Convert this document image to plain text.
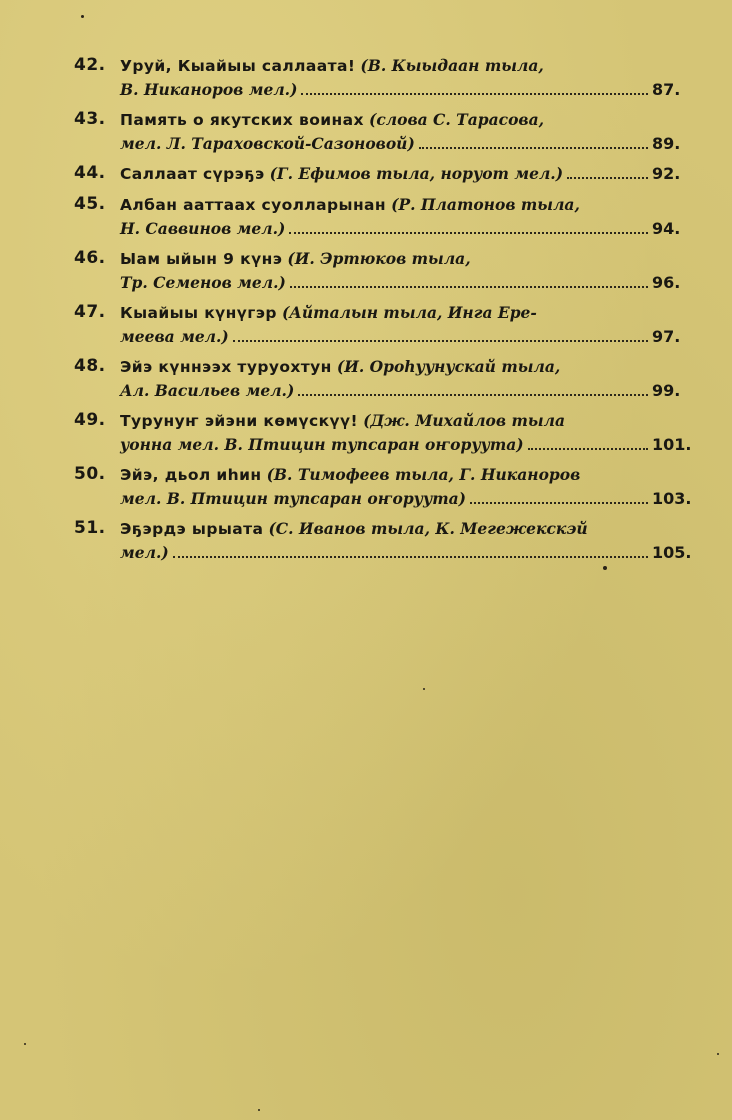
42. Уруй, Кыайыы саллаата! (В. Кыыдаан тыла,
В. Никаноров мел.)	87.
43. Память о якутских воинах (слова С. Тарасова,
мел. Л. Тараховской-Сазоновой)	89.
44. Саллаат сүрэҕэ (Г. Ефимов тыла, норуот мел.)	92.
45. Албан ааттаах суолларынан (Р. Платонов тыла,
Н. Саввинов мел.)	94.
46. Ыам ыйын 9 күнэ (И. Эртюков тыла,
Тр. Семенов мел.)	96.
47. Кыайыы күнүгэр (Айталын тыла, Инга Ере-
меева мел.)	97.
48. Эйэ күннээх туруохтун (И. Ороһуунускай тыла,
Ал. Васильев мел.)	99.
49. Турунуҥ эйэни көмүскүү! (Дж. Михайлов тыла
уонна мел. В. Птицин тупсаран оҥоруута)	101.
50. Эйэ, дьол иһин (В. Тимофеев тыла, Г. Никаноров
мел. В. Птицин тупсаран оҥоруута)	103.
51. Эҕэрдэ ырыата (С. Иванов тыла, К. Мегежекскэй
мел.)	105.
